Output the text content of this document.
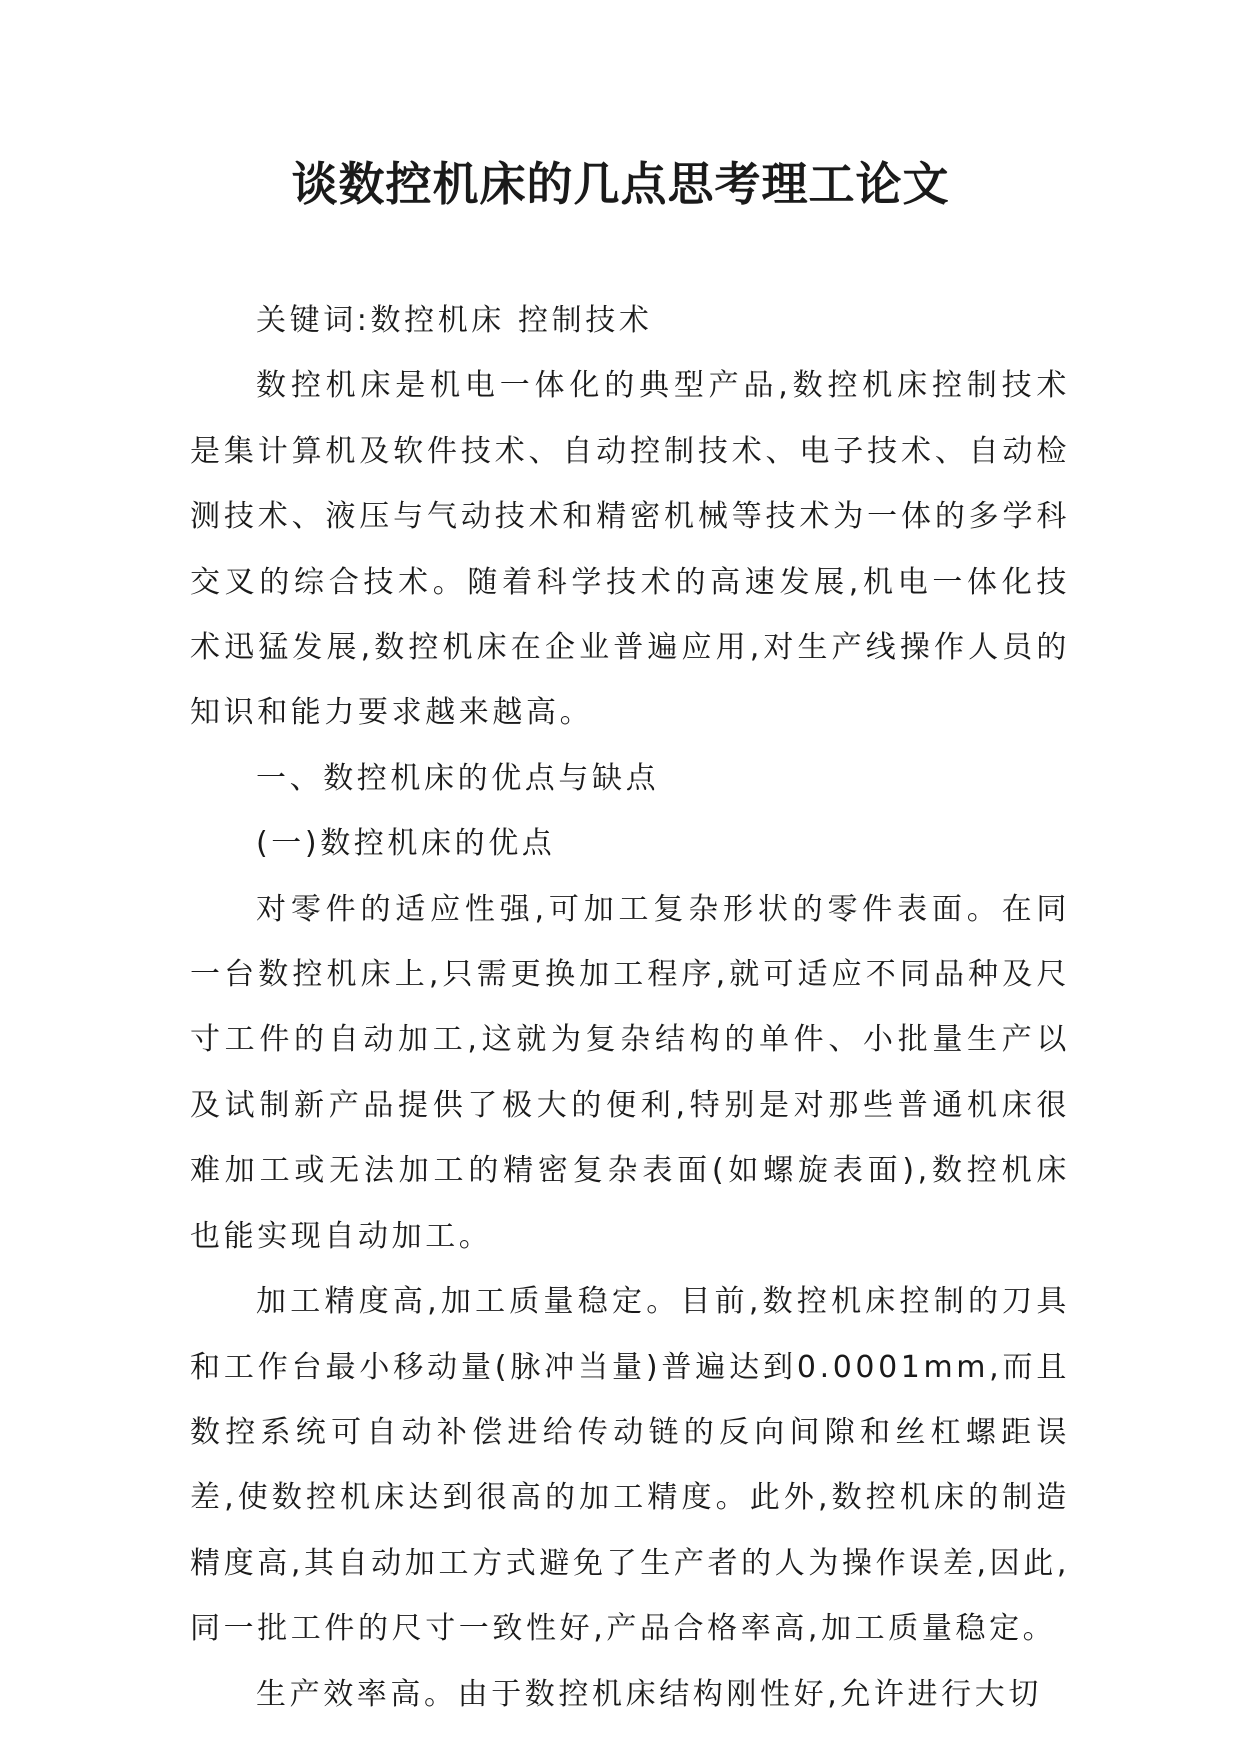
谈数控机床的几点思考理工论文

关键词:数控机床 控制技术

数控机床是机电一体化的典型产品,数控机床控制技术是集计算机及软件技术、自动控制技术、电子技术、自动检测技术、液压与气动技术和精密机械等技术为一体的多学科交叉的综合技术。随着科学技术的高速发展,机电一体化技术迅猛发展,数控机床在企业普遍应用,对生产线操作人员的知识和能力要求越来越高。

一、数控机床的优点与缺点

(一)数控机床的优点

对零件的适应性强,可加工复杂形状的零件表面。在同一台数控机床上,只需更换加工程序,就可适应不同品种及尺寸工件的自动加工,这就为复杂结构的单件、小批量生产以及试制新产品提供了极大的便利,特别是对那些普通机床很难加工或无法加工的精密复杂表面(如螺旋表面),数控机床也能实现自动加工。

加工精度高,加工质量稳定。目前,数控机床控制的刀具和工作台最小移动量(脉冲当量)普遍达到0.0001mm,而且数控系统可自动补偿进给传动链的反向间隙和丝杠螺距误差,使数控机床达到很高的加工精度。此外,数控机床的制造精度高,其自动加工方式避免了生产者的人为操作误差,因此,同一批工件的尺寸一致性好,产品合格率高,加工质量稳定。

生产效率高。由于数控机床结构刚性好,允许进行大切
